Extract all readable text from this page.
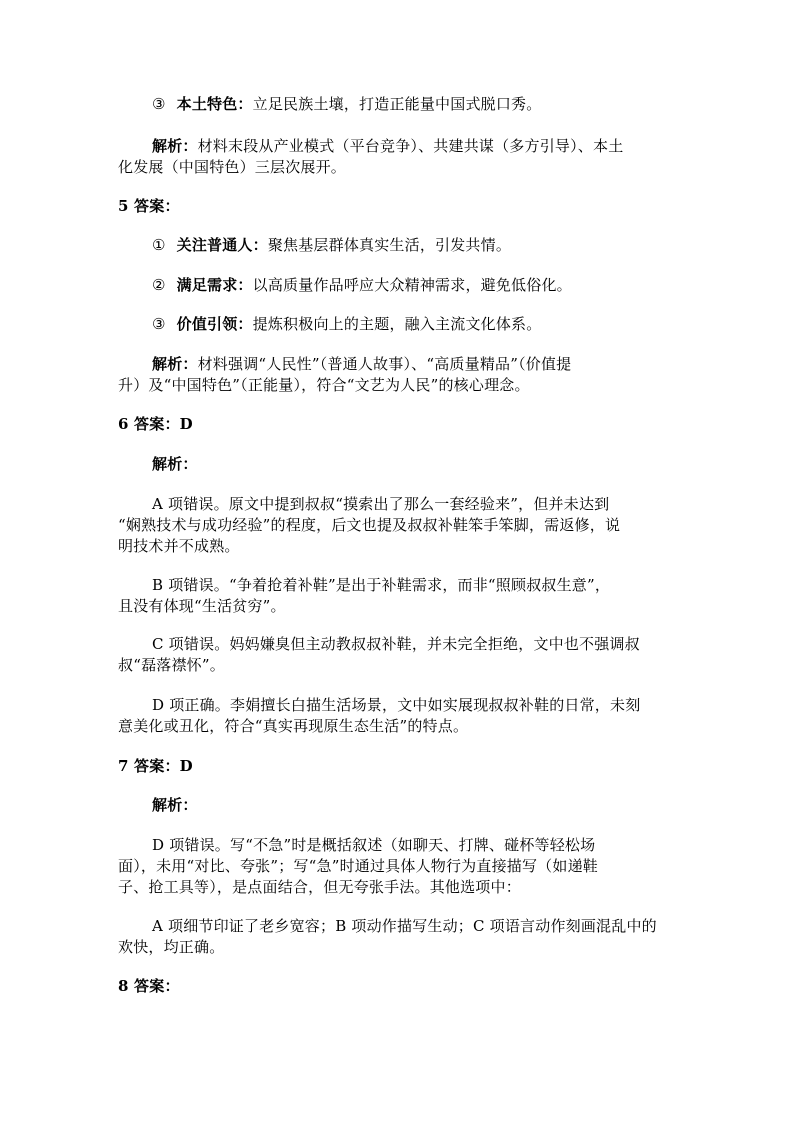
③ 本土特色：立足民族土壤，打造正能量中国式脱口秀。
解析：材料末段从产业模式（平台竞争）、共建共谋（多方引导）、本土
化发展（中国特色）三层次展开。
5 答案：
① 关注普通人：聚焦基层群体真实生活，引发共情。
② 满足需求：以高质量作品呼应大众精神需求，避免低俗化。
③ 价值引领：提炼积极向上的主题，融入主流文化体系。
解析：材料强调“人民性”（普通人故事）、“高质量精品”（价值提
升）及“中国特色”（正能量），符合“文艺为人民”的核心理念。
6 答案：D
解析：
A 项错误。原文中提到叔叔“摸索出了那么一套经验来”，但并未达到
“娴熟技术与成功经验”的程度，后文也提及叔叔补鞋笨手笨脚，需返修，说
明技术并不成熟。
B 项错误。“争着抢着补鞋”是出于补鞋需求，而非“照顾叔叔生意”，
且没有体现“生活贫穷”。
C 项错误。妈妈嫌臭但主动教叔叔补鞋，并未完全拒绝，文中也不强调叔
叔“磊落襟怀”。
D 项正确。李娟擅长白描生活场景，文中如实展现叔叔补鞋的日常，未刻
意美化或丑化，符合“真实再现原生态生活”的特点。
7 答案：D
解析：
D 项错误。写“不急”时是概括叙述（如聊天、打牌、碰杯等轻松场
面），未用“对比、夸张”；写“急”时通过具体人物行为直接描写（如递鞋
子、抢工具等），是点面结合，但无夸张手法。其他选项中：
A 项细节印证了老乡宽容；B 项动作描写生动；C 项语言动作刻画混乱中的
欢快，均正确。
8 答案：
